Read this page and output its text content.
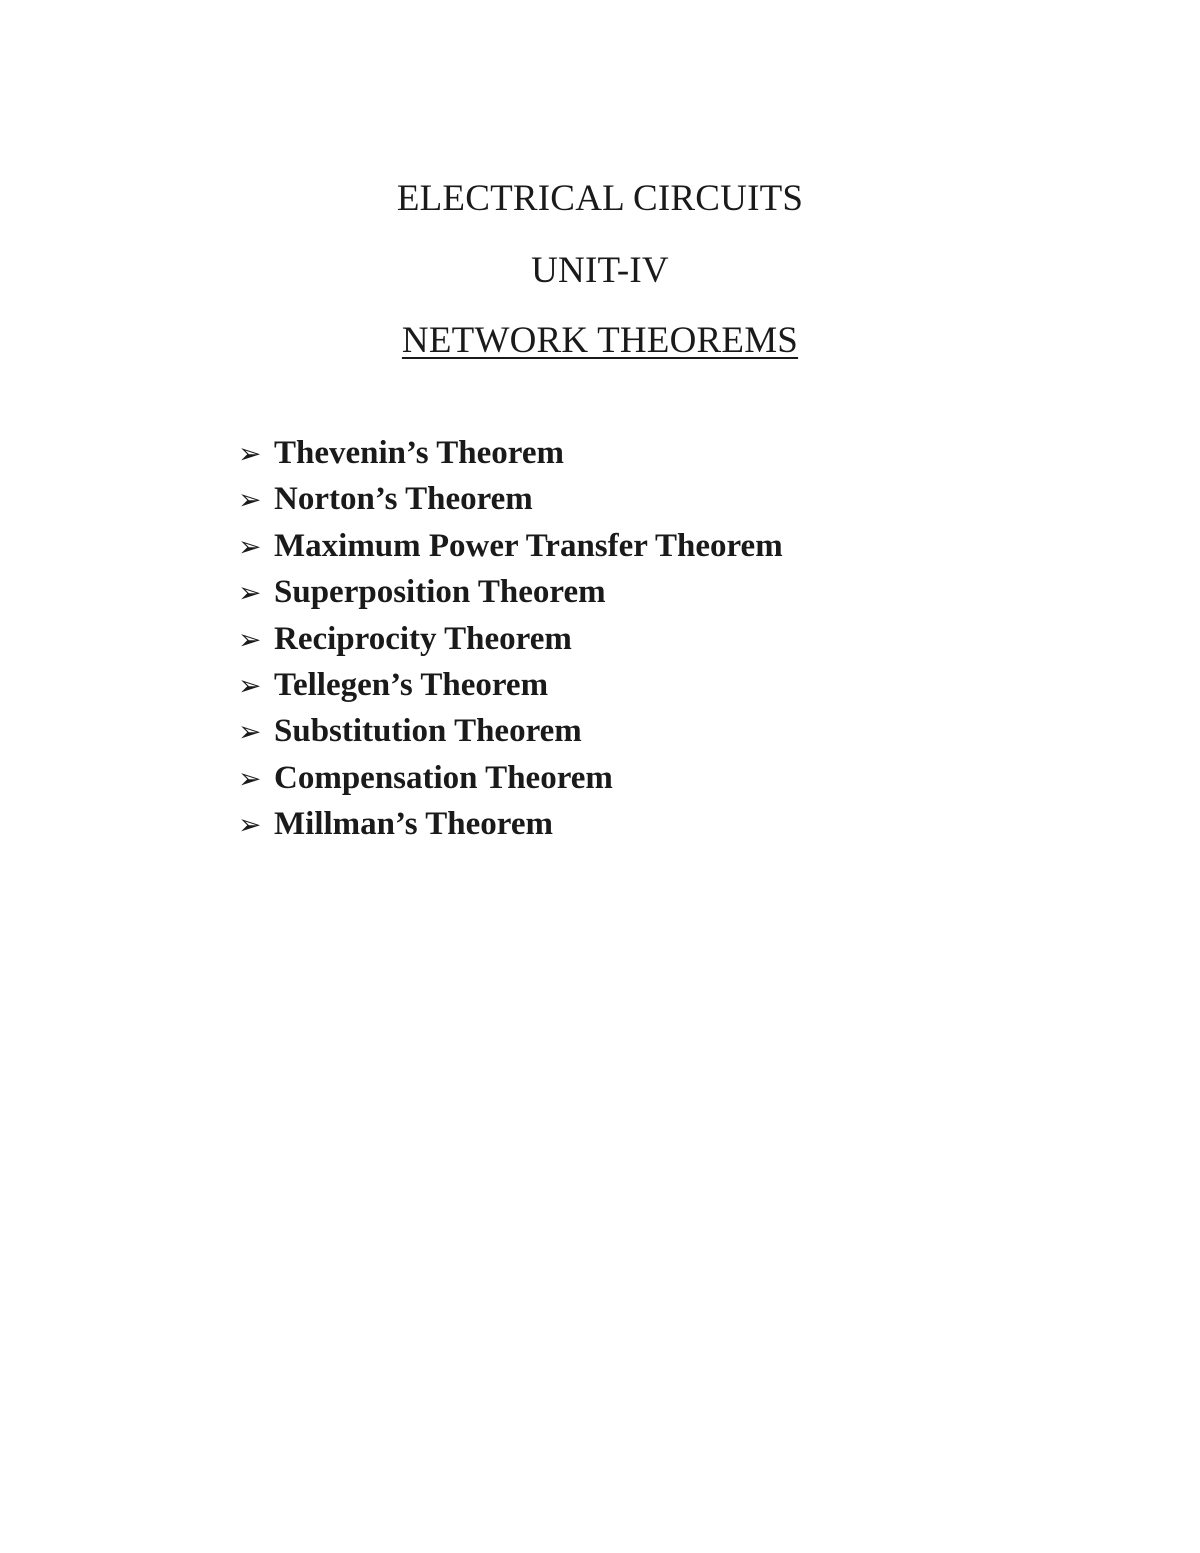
ELECTRICAL CIRCUITS
UNIT-IV
NETWORK THEOREMS
➢ Thevenin’s Theorem
➢ Norton’s Theorem
➢ Maximum Power Transfer Theorem
➢ Superposition Theorem
➢ Reciprocity Theorem
➢ Tellegen’s Theorem
➢ Substitution Theorem
➢ Compensation Theorem
➢ Millman’s Theorem
